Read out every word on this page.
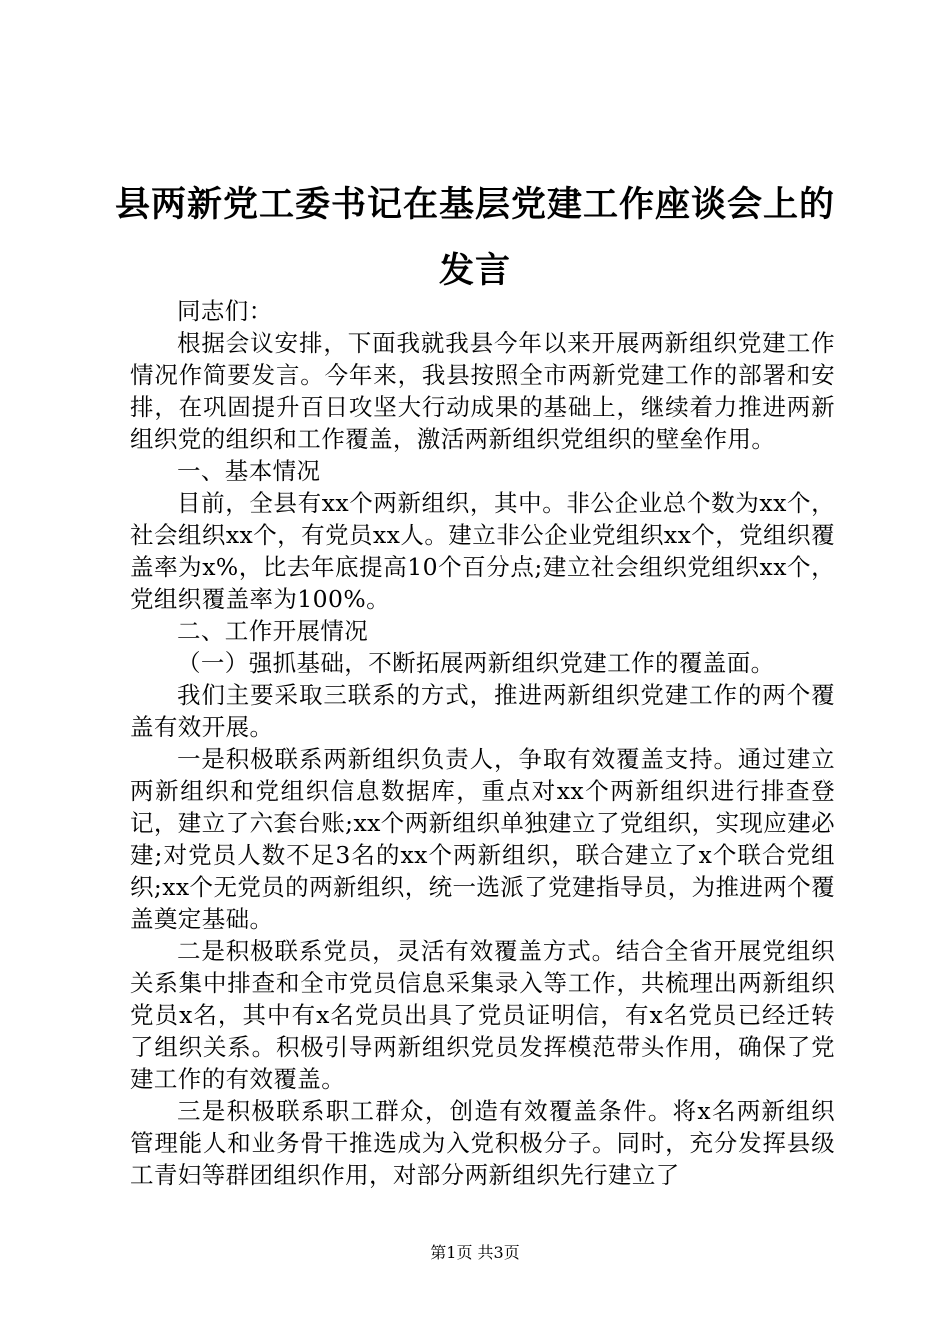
县两新党工委书记在基层党建工作座谈会上的发言

同志们：

根据会议安排，下面我就我县今年以来开展两新组织党建工作情况作简要发言。今年来，我县按照全市两新党建工作的部署和安排，在巩固提升百日攻坚大行动成果的基础上，继续着力推进两新组织党的组织和工作覆盖，激活两新组织党组织的壁垒作用。

一、基本情况

目前，全县有xx个两新组织，其中。非公企业总个数为xx个，社会组织xx个，有党员xx人。建立非公企业党组织xx个，党组织覆盖率为x%，比去年底提高10个百分点;建立社会组织党组织xx个，党组织覆盖率为100%。

二、工作开展情况

（一）强抓基础，不断拓展两新组织党建工作的覆盖面。

我们主要采取三联系的方式，推进两新组织党建工作的两个覆盖有效开展。

一是积极联系两新组织负责人，争取有效覆盖支持。通过建立两新组织和党组织信息数据库，重点对xx个两新组织进行排查登记，建立了六套台账;xx个两新组织单独建立了党组织，实现应建必建;对党员人数不足3名的xx个两新组织，联合建立了x个联合党组织;xx个无党员的两新组织，统一选派了党建指导员，为推进两个覆盖奠定基础。

二是积极联系党员，灵活有效覆盖方式。结合全省开展党组织关系集中排查和全市党员信息采集录入等工作，共梳理出两新组织党员x名，其中有x名党员出具了党员证明信，有x名党员已经迁转了组织关系。积极引导两新组织党员发挥模范带头作用，确保了党建工作的有效覆盖。

三是积极联系职工群众，创造有效覆盖条件。将x名两新组织管理能人和业务骨干推选成为入党积极分子。同时，充分发挥县级工青妇等群团组织作用，对部分两新组织先行建立了

第1页 共3页
